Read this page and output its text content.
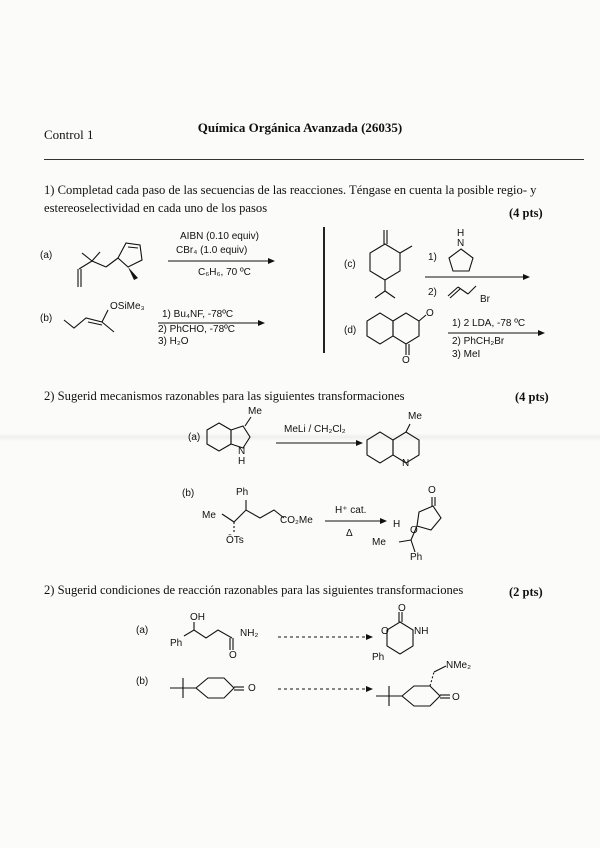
Química Orgánica Avanzada (26035)
Control 1
1) Completad cada paso de las secuencias de las reacciones. Téngase en cuenta la posible regio- y
estereoselectividad en cada uno de los pasos	(4 pts)
(a)
AIBN (0.10 equiv)
CBr₄ (1.0 equiv)
C₆H₆, 70 ºC
(b)
OSiMe₃
1) Bu₄NF, -78ºC
2) PhCHO, -78ºC
3) H₂O
(c)
1)
H
N
2)
Br
(d)
O
O
1) 2 LDA, -78 ºC
2) PhCH₂Br
3) MeI
2) Sugerid mecanismos razonables para las siguientes transformaciones	(4 pts)
(a)
Me
N
H
MeLi / CH₂Cl₂
Me
N
(b)	Ph
Me	CO₂Me
ŌTs
H⁺ cat.
Δ
O
O
H
Me
Ph
2) Sugerid condiciones de reacción razonables para las siguientes transformaciones	(2 pts)
(a)
OH
Ph
NH₂
O
O
O	NH
Ph
(b)
O
NMe₂
O
